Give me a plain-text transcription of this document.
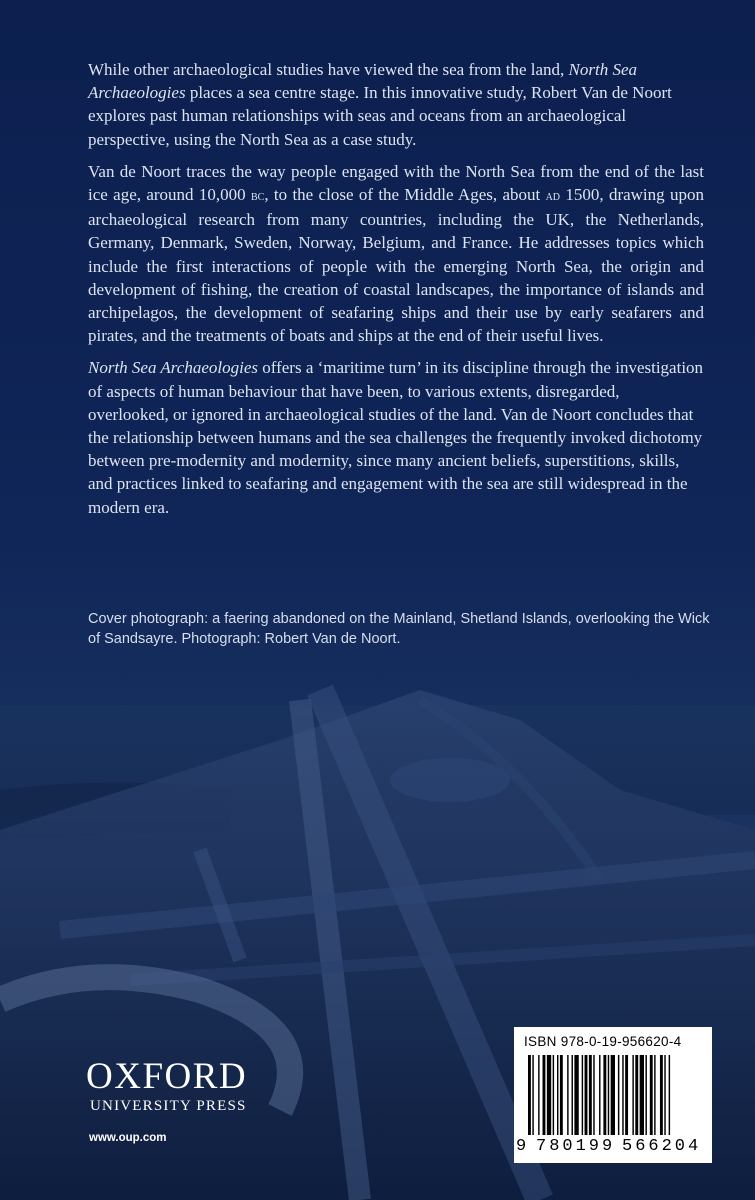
While other archaeological studies have viewed the sea from the land, North Sea Archaeologies places a sea centre stage. In this innovative study, Robert Van de Noort explores past human relationships with seas and oceans from an archaeological perspective, using the North Sea as a case study.

Van de Noort traces the way people engaged with the North Sea from the end of the last ice age, around 10,000 bc, to the close of the Middle Ages, about ad 1500, drawing upon archaeological research from many countries, including the UK, the Netherlands, Germany, Denmark, Sweden, Norway, Belgium, and France. He addresses topics which include the first interactions of people with the emerging North Sea, the origin and development of fishing, the creation of coastal landscapes, the importance of islands and archipelagos, the development of seafaring ships and their use by early seafarers and pirates, and the treatments of boats and ships at the end of their useful lives.

North Sea Archaeologies offers a ‘maritime turn’ in its discipline through the investigation of aspects of human behaviour that have been, to various extents, disregarded, overlooked, or ignored in archaeological studies of the land. Van de Noort concludes that the relationship between humans and the sea challenges the frequently invoked dichotomy between pre-modernity and modernity, since many ancient beliefs, superstitions, skills, and practices linked to seafaring and engagement with the sea are still widespread in the modern era.

Cover photograph: a faering abandoned on the Mainland, Shetland Islands, overlooking the Wick of Sandsayre. Photograph: Robert Van de Noort.
OXFORD
UNIVERSITY PRESS
www.oup.com
ISBN 978-0-19-956620-4
9 780199 566204
